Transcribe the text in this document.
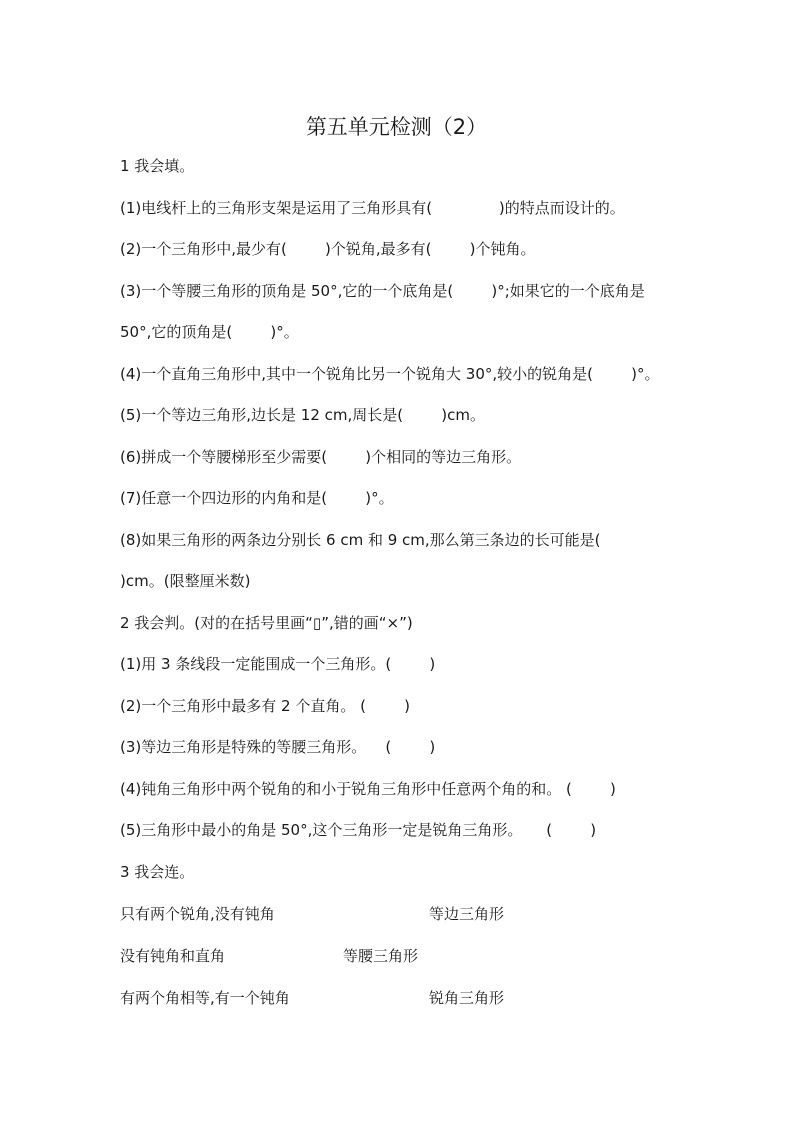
第五单元检测（2）
1 我会填。
(1)电线杆上的三角形支架是运用了三角形具有(              )的特点而设计的。
(2)一个三角形中,最少有(        )个锐角,最多有(        )个钝角。
(3)一个等腰三角形的顶角是 50°,它的一个底角是(        )°;如果它的一个底角是
50°,它的顶角是(        )°。
(4)一个直角三角形中,其中一个锐角比另一个锐角大 30°,较小的锐角是(        )°。
(5)一个等边三角形,边长是 12 cm,周长是(        )cm。
(6)拼成一个等腰梯形至少需要(        )个相同的等边三角形。
(7)任意一个四边形的内角和是(        )°。
(8)如果三角形的两条边分别长 6 cm 和 9 cm,那么第三条边的长可能是(
)cm。(限整厘米数)
2 我会判。(对的在括号里画“▯”,错的画“×”)
(1)用 3 条线段一定能围成一个三角形。(        )
(2)一个三角形中最多有 2 个直角。 (        )
(3)等边三角形是特殊的等腰三角形。    (        )
(4)钝角三角形中两个锐角的和小于锐角三角形中任意两个角的和。 (        )
(5)三角形中最小的角是 50°,这个三角形一定是锐角三角形。     (        )
3 我会连。
只有两个锐角,没有钝角	等边三角形
没有钝角和直角	等腰三角形
有两个角相等,有一个钝角	锐角三角形
